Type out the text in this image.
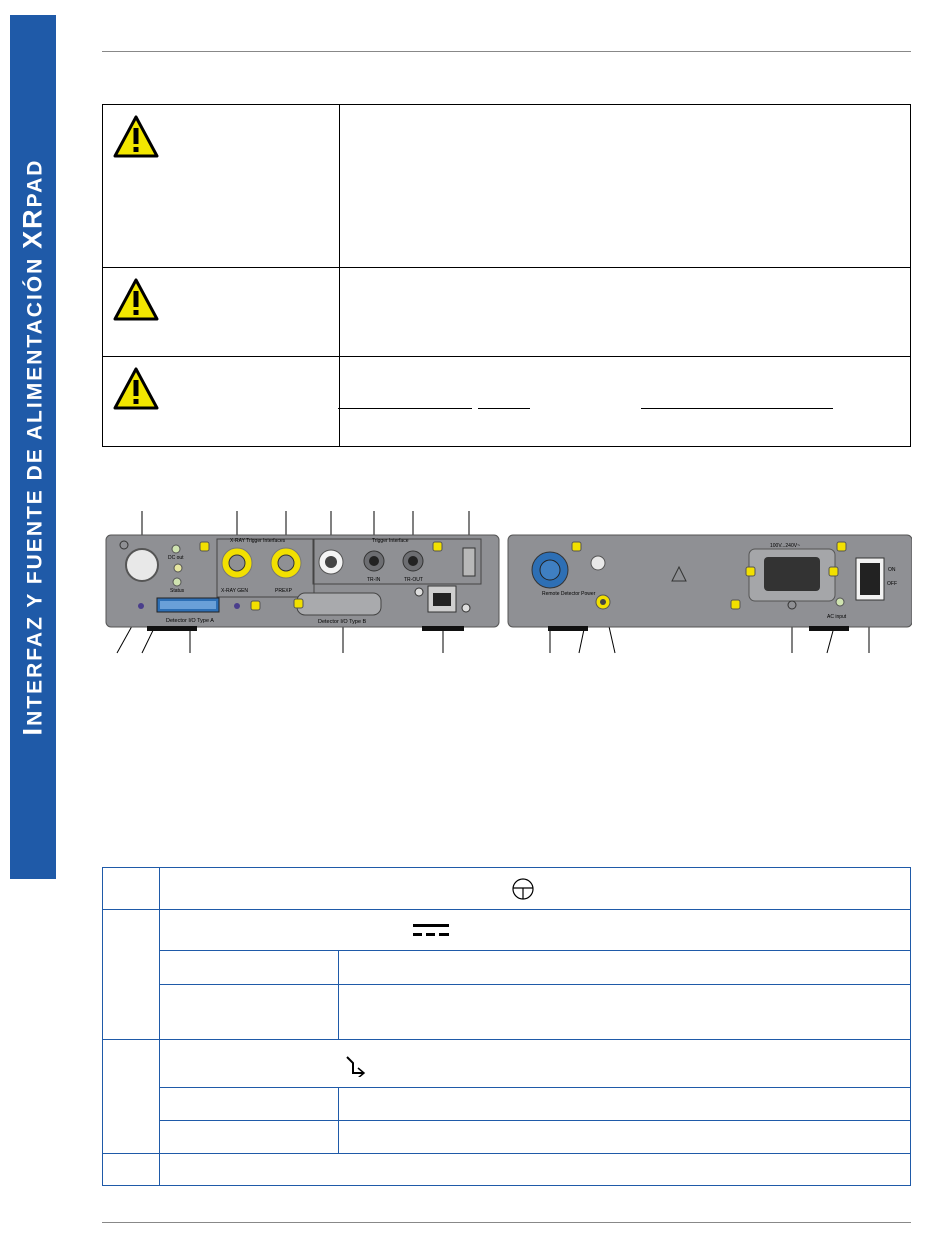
INTERFAZ Y FUENTE DE ALIMENTACIÓN XRPAD

DC out
Status
Detector I/O Type A
X-RAY Trigger Interfaces
X-RAY GEN	PREXP
Trigger Interface
TR-IN	TR-OUT
Detector I/O Type B
Remote Detector Power
100V...240V~
AC input
ON
OFF
